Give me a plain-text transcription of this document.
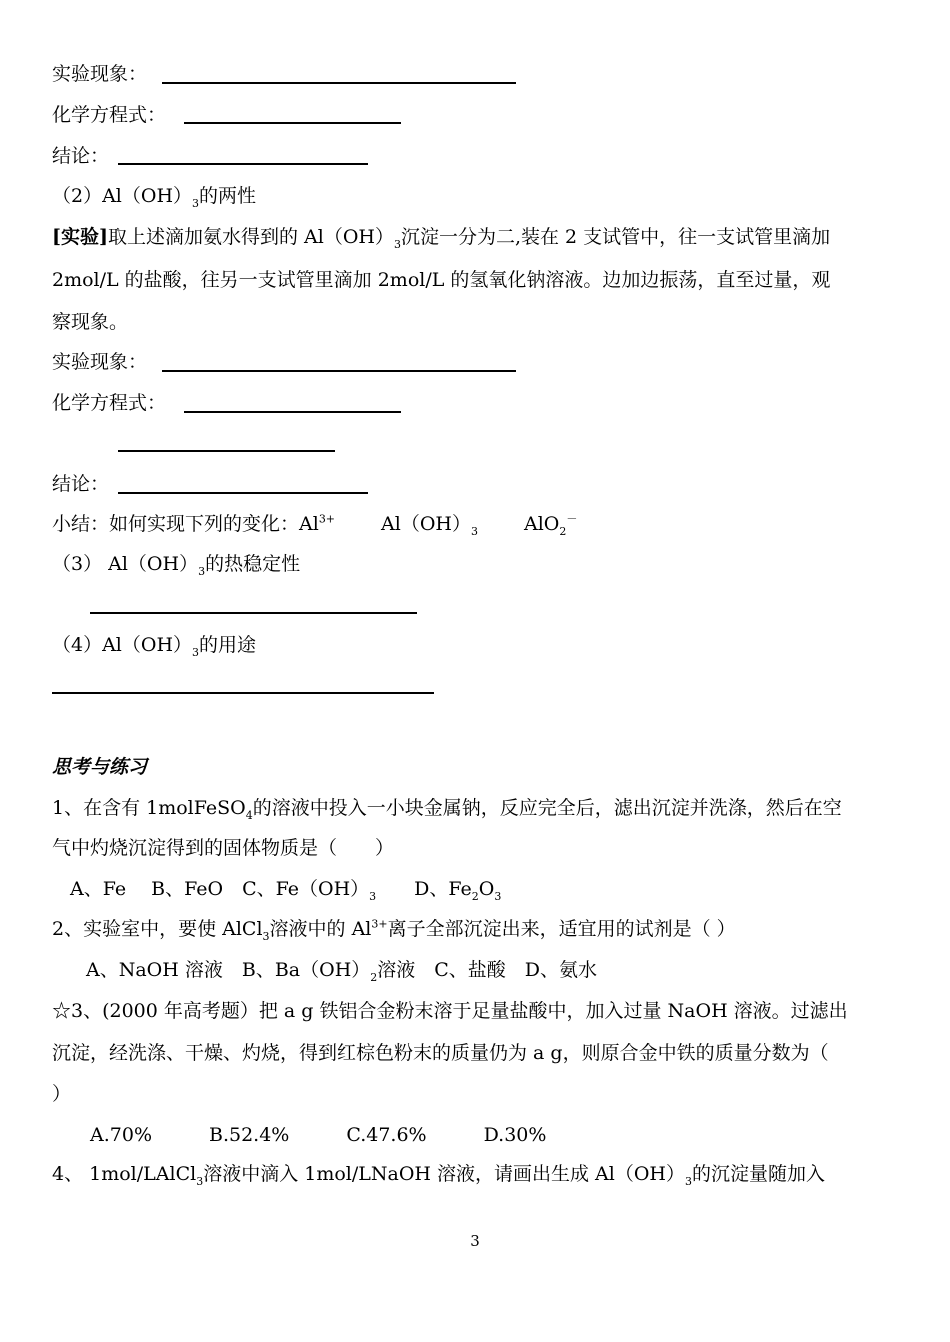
实验现象：
化学方程式：
结论：
$(2)Al(OH)_3$的两性
[实验]取上述滴加氨水得到的 $Al(OH)_3$沉淀一分为二,装在 2 支试管中，往一支试管里滴加
2mol/L 的盐酸，往另一支试管里滴加 2mol/L 的氢氧化钠溶液。边加边振荡，直至过量，观
察现象。
实验现象：
化学方程式：
结论：
小结：如何实现下列的变化：$Al^{3+}$ $Al(OH)_3$ AlO$_2$－
（3） $Al(OH)_3$的热稳定性
$(4)Al(OH)_3$的用途
思考与练习
1、在含有 1molFeSO$_4$的溶液中投入一小块金属钠，反应完全后，滤出沉淀并洗涤，然后在空
气中灼烧沉淀得到的固体物质是（　　）
A、Fe　 B、FeO　C、$Fe(OH)_3$　　D、$Fe_2O_3$
2、实验室中，要使 AlCl$_3$溶液中的 $Al^{3+}$离子全部沉淀出来，适宜用的试剂是（ ）
A、NaOH 溶液　B、$Ba(OH)_2$溶液　C、盐酸　D、氨水
☆3、(2000 年高考题）把 a g 铁铝合金粉末溶于足量盐酸中，加入过量 NaOH 溶液。过滤出
沉淀，经洗涤、干燥、灼烧，得到红棕色粉末的质量仍为 a g，则原合金中铁的质量分数为（
）
A.70%　　　B.52.4%　　　C.47.6%　　　D.30%
4、 1mol/LAlCl$_3$溶液中滴入 1mol/LNaOH 溶液，请画出生成 $Al(OH)_3$的沉淀量随加入
3
